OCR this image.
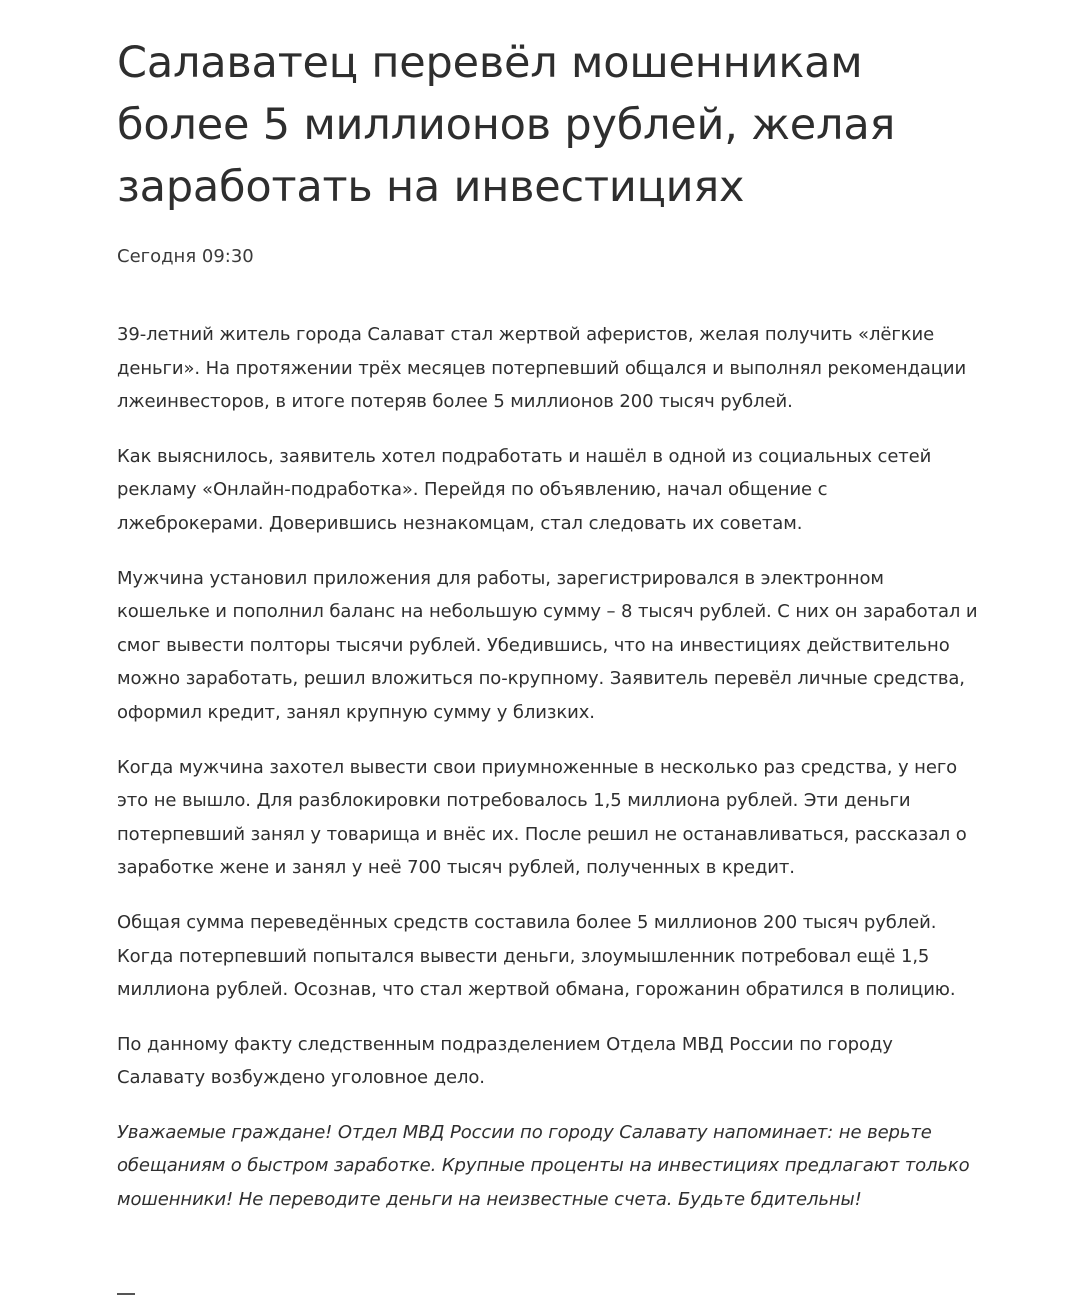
Салаватец перевёл мошенникам более 5 миллионов рублей, желая заработать на инвестициях
Сегодня 09:30

39-летний житель города Салават стал жертвой аферистов, желая получить «лёгкие деньги». На протяжении трёх месяцев потерпевший общался и выполнял рекомендации лжеинвесторов, в итоге потеряв более 5 миллионов 200 тысяч рублей.

Как выяснилось, заявитель хотел подработать и нашёл в одной из социальных сетей рекламу «Онлайн-подработка». Перейдя по объявлению, начал общение с лжеброкерами. Доверившись незнакомцам, стал следовать их советам.

Мужчина установил приложения для работы, зарегистрировался в электронном кошельке и пополнил баланс на небольшую сумму – 8 тысяч рублей. С них он заработал и смог вывести полторы тысячи рублей. Убедившись, что на инвестициях действительно можно заработать, решил вложиться по-крупному. Заявитель перевёл личные средства, оформил кредит, занял крупную сумму у близких.

Когда мужчина захотел вывести свои приумноженные в несколько раз средства, у него это не вышло. Для разблокировки потребовалось 1,5 миллиона рублей. Эти деньги потерпевший занял у товарища и внёс их. После решил не останавливаться, рассказал о заработке жене и занял у неё 700 тысяч рублей, полученных в кредит.

Общая сумма переведённых средств составила более 5 миллионов 200 тысяч рублей. Когда потерпевший попытался вывести деньги, злоумышленник потребовал ещё 1,5 миллиона рублей. Осознав, что стал жертвой обмана, горожанин обратился в полицию.

По данному факту следственным подразделением Отдела МВД России по городу Салавату возбуждено уголовное дело.

Уважаемые граждане! Отдел МВД России по городу Салавату напоминает: не верьте обещаниям о быстром заработке. Крупные проценты на инвестициях предлагают только мошенники! Не переводите деньги на неизвестные счета. Будьте бдительны!
